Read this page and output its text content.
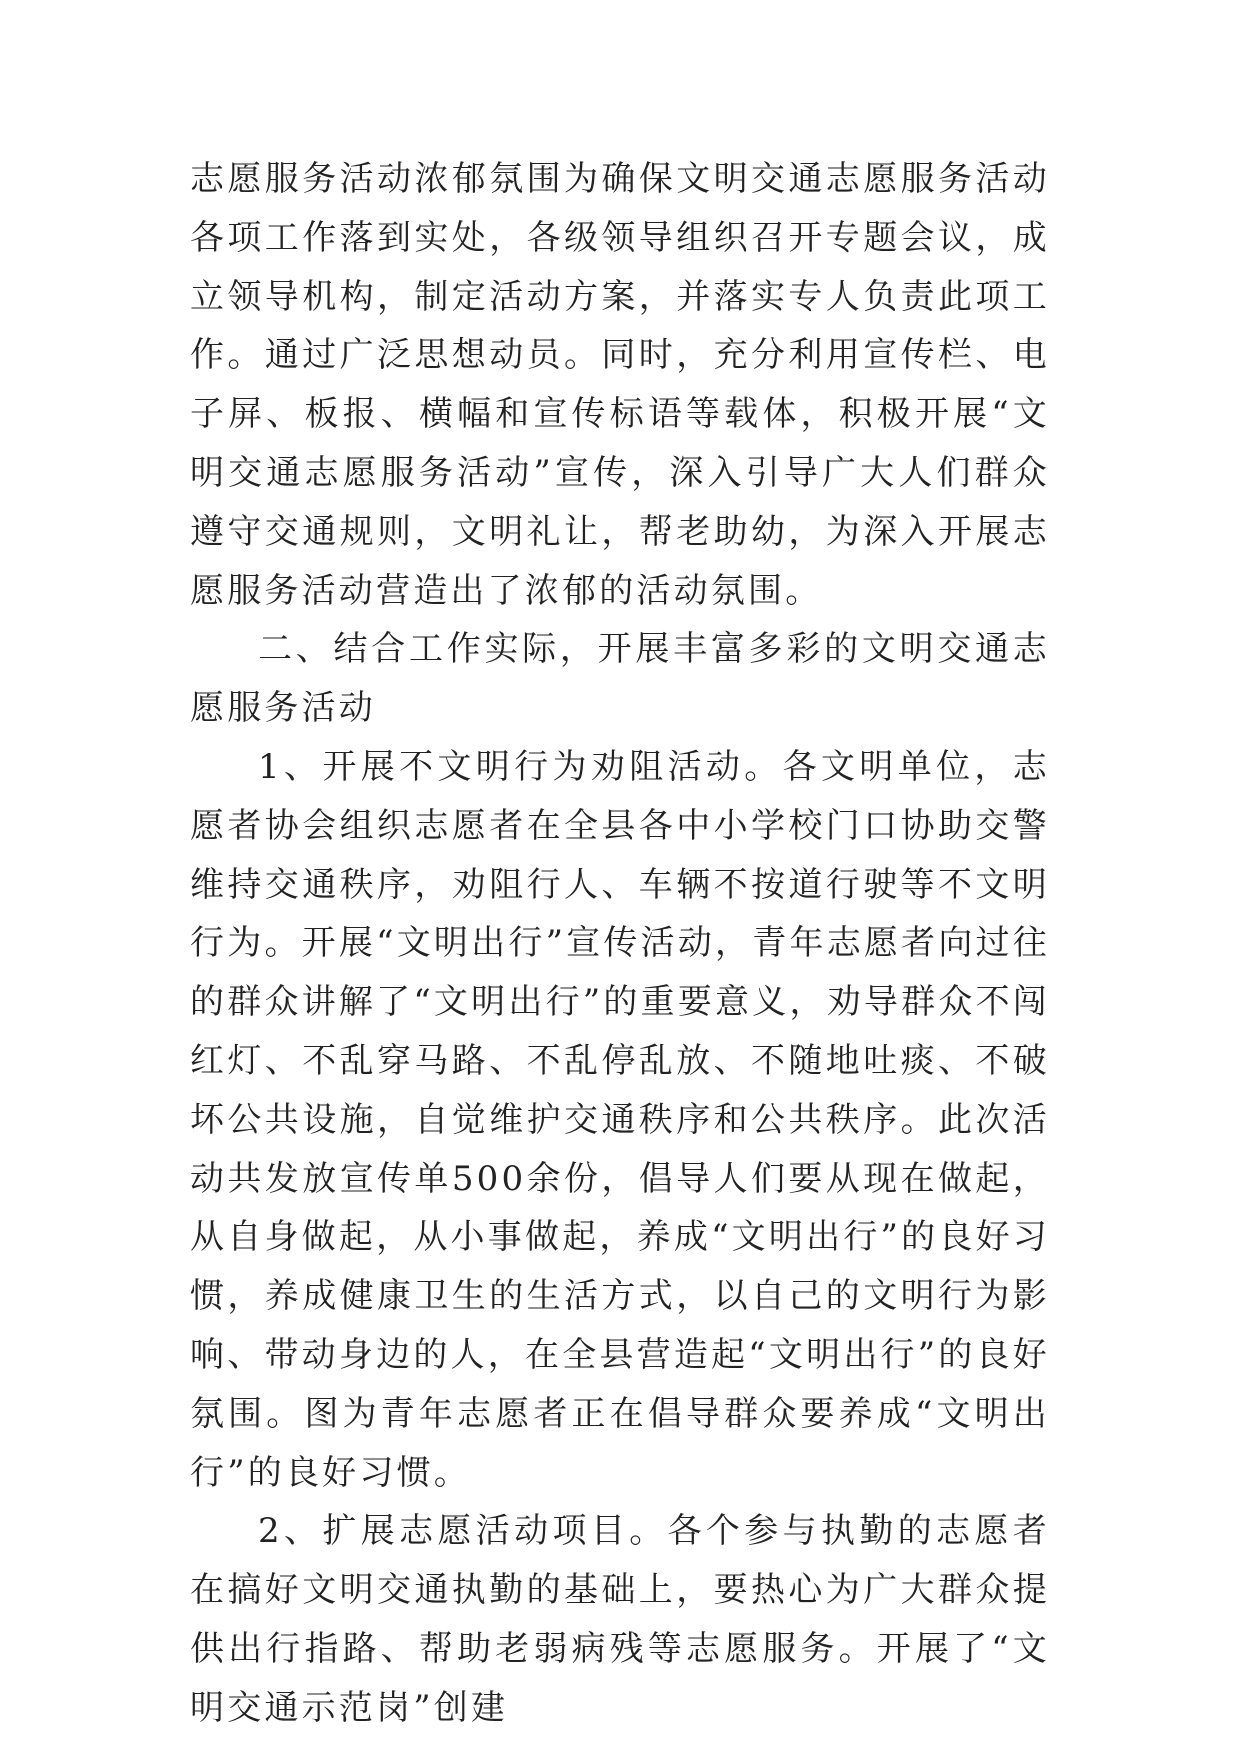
志愿服务活动浓郁氛围为确保文明交通志愿服务活动各项工作落到实处，各级领导组织召开专题会议，成立领导机构，制定活动方案，并落实专人负责此项工作。通过广泛思想动员。同时，充分利用宣传栏、电子屏、板报、横幅和宣传标语等载体，积极开展“文明交通志愿服务活动”宣传，深入引导广大人们群众遵守交通规则，文明礼让，帮老助幼，为深入开展志愿服务活动营造出了浓郁的活动氛围。

二、结合工作实际，开展丰富多彩的文明交通志愿服务活动

1、开展不文明行为劝阻活动。各文明单位，志愿者协会组织志愿者在全县各中小学校门口协助交警维持交通秩序，劝阻行人、车辆不按道行驶等不文明行为。开展“文明出行”宣传活动，青年志愿者向过往的群众讲解了“文明出行”的重要意义，劝导群众不闯红灯、不乱穿马路、不乱停乱放、不随地吐痰、不破坏公共设施，自觉维护交通秩序和公共秩序。此次活动共发放宣传单500余份，倡导人们要从现在做起，从自身做起，从小事做起，养成“文明出行”的良好习惯，养成健康卫生的生活方式，以自己的文明行为影响、带动身边的人，在全县营造起“文明出行”的良好氛围。图为青年志愿者正在倡导群众要养成“文明出行”的良好习惯。

2、扩展志愿活动项目。各个参与执勤的志愿者在搞好文明交通执勤的基础上，要热心为广大群众提供出行指路、帮助老弱病残等志愿服务。开展了“文明交通示范岗”创建
